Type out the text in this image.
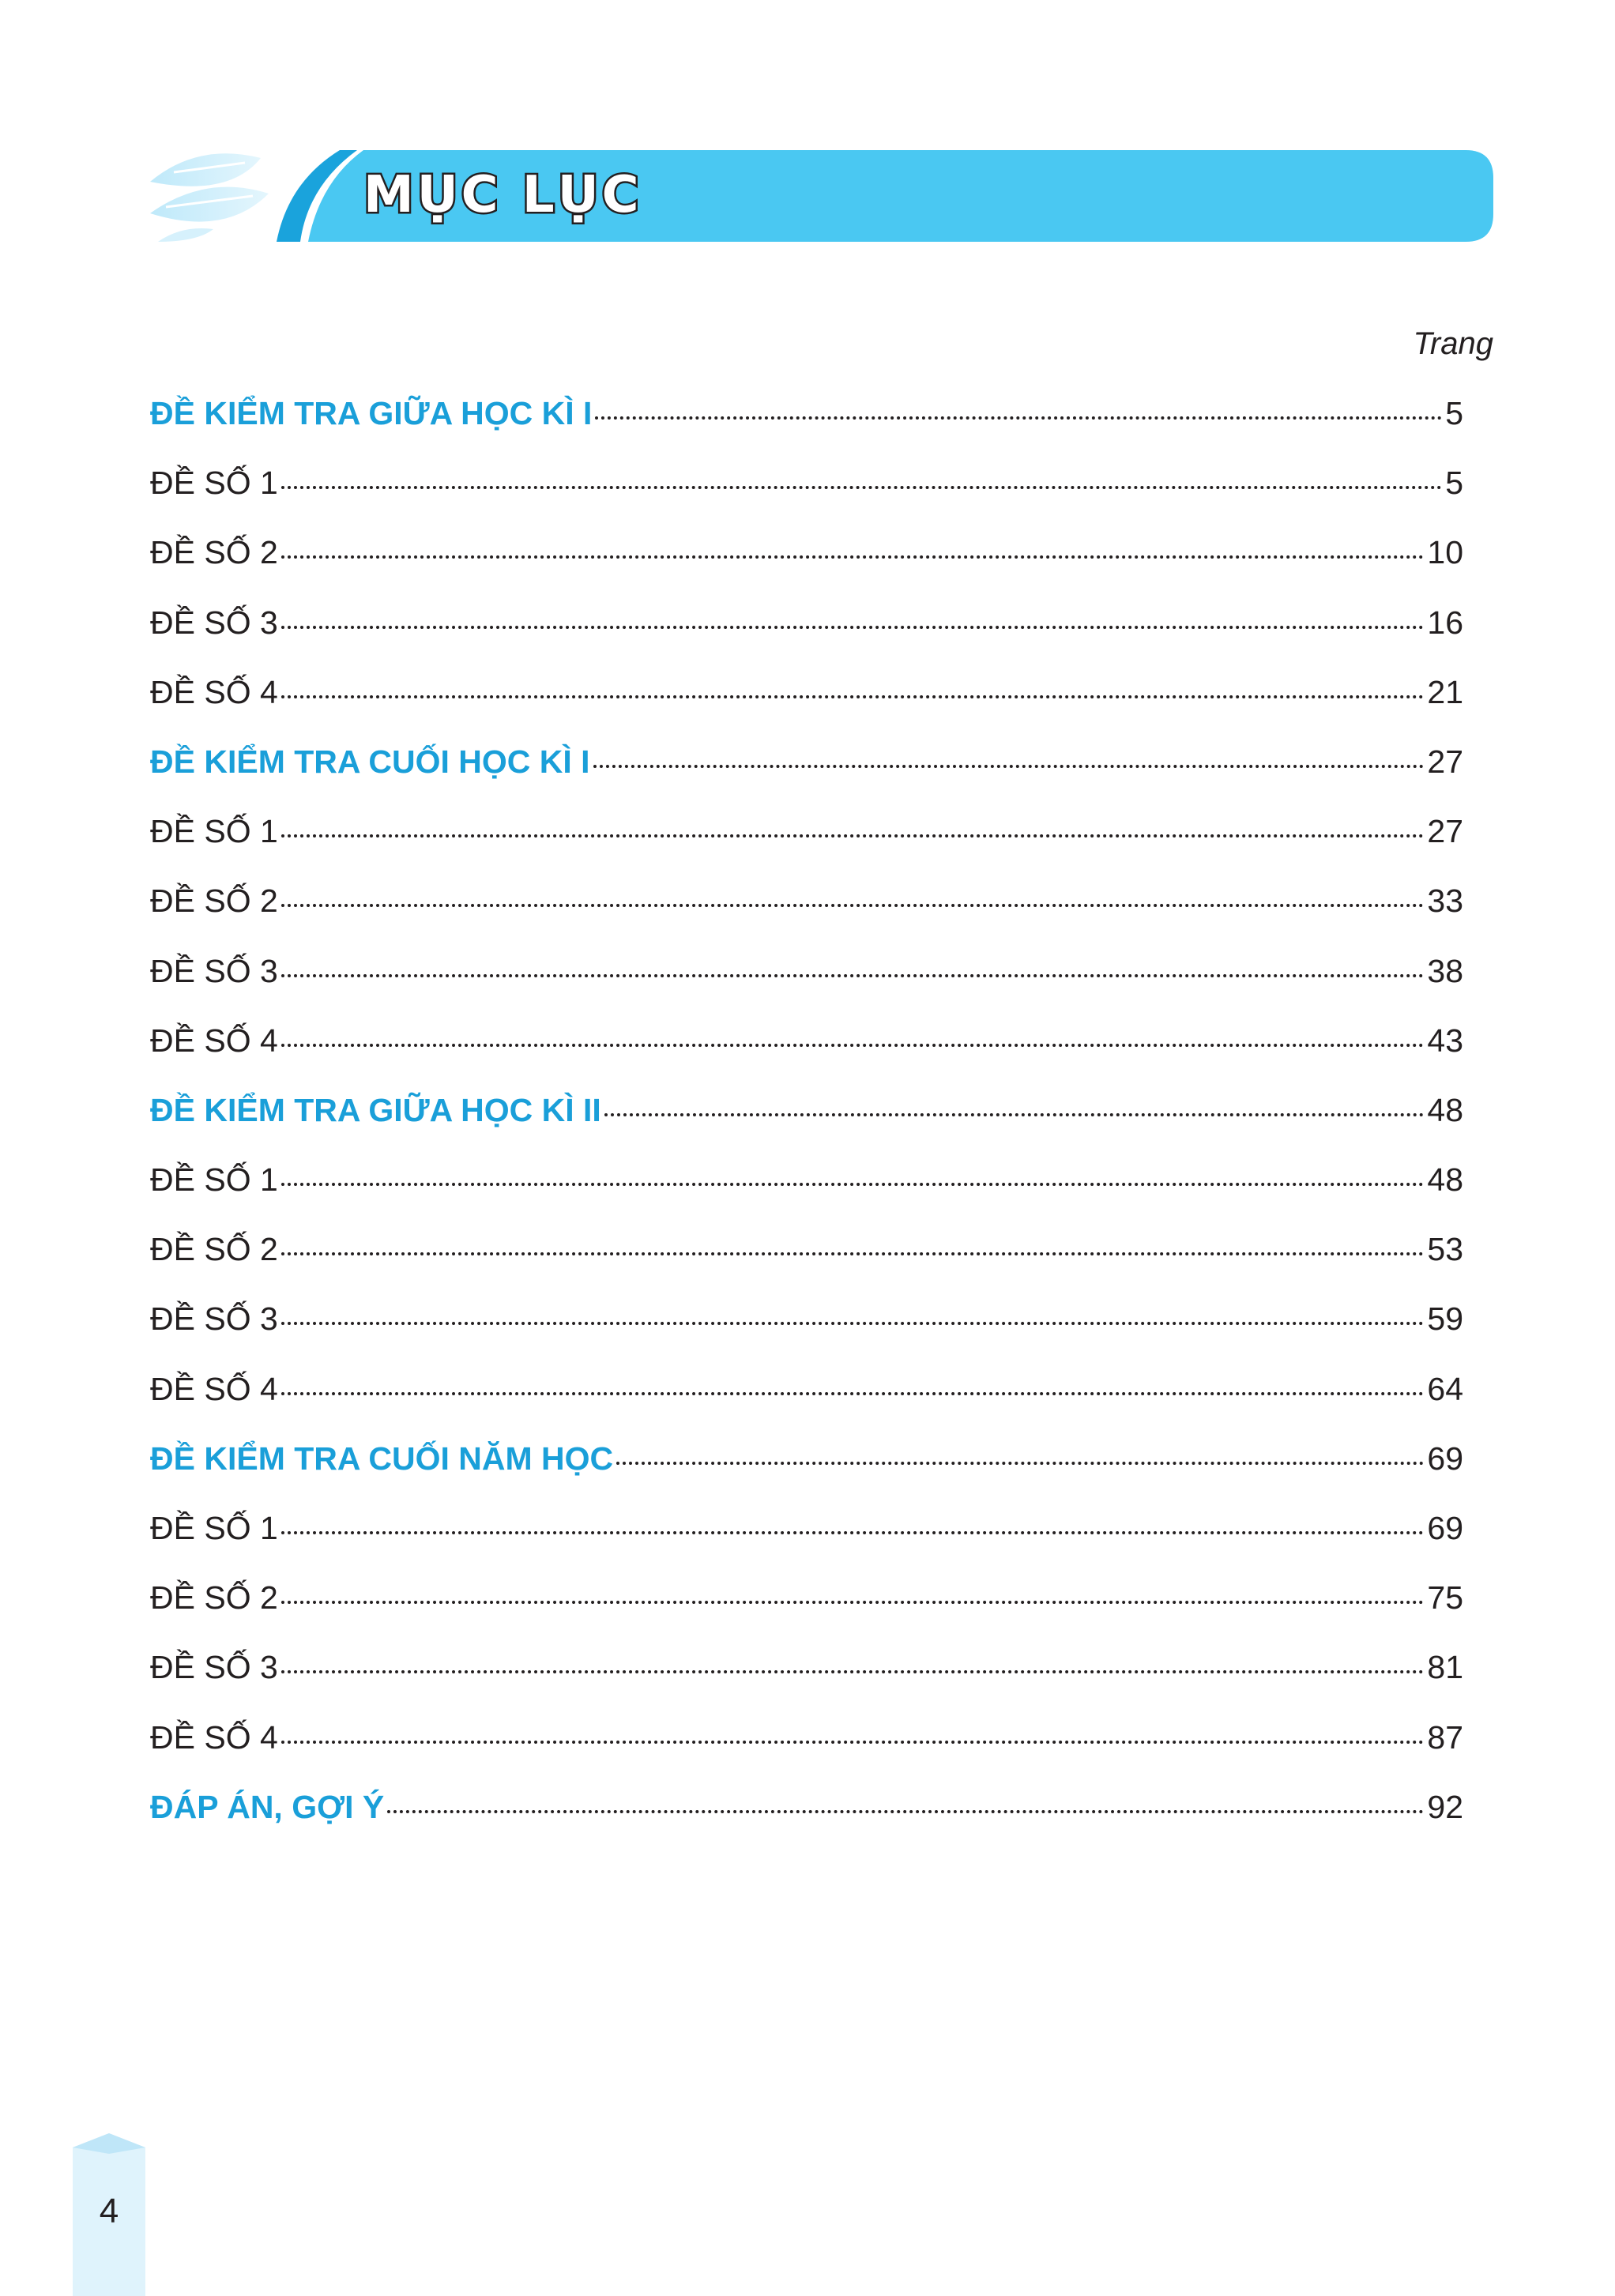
MỤC LỤC
Trang
ĐỀ KIỂM TRA GIỮA HỌC KÌ I	5
ĐỀ SỐ 1	5
ĐỀ SỐ 2	10
ĐỀ SỐ 3	16
ĐỀ SỐ 4	21
ĐỀ KIỂM TRA CUỐI HỌC KÌ I	27
ĐỀ SỐ 1	27
ĐỀ SỐ 2	33
ĐỀ SỐ 3	38
ĐỀ SỐ 4	43
ĐỀ KIỂM TRA GIỮA HỌC KÌ II	48
ĐỀ SỐ 1	48
ĐỀ SỐ 2	53
ĐỀ SỐ 3	59
ĐỀ SỐ 4	64
ĐỀ KIỂM TRA CUỐI NĂM HỌC	69
ĐỀ SỐ 1	69
ĐỀ SỐ 2	75
ĐỀ SỐ 3	81
ĐỀ SỐ 4	87
ĐÁP ÁN, GỢI Ý	92
4
